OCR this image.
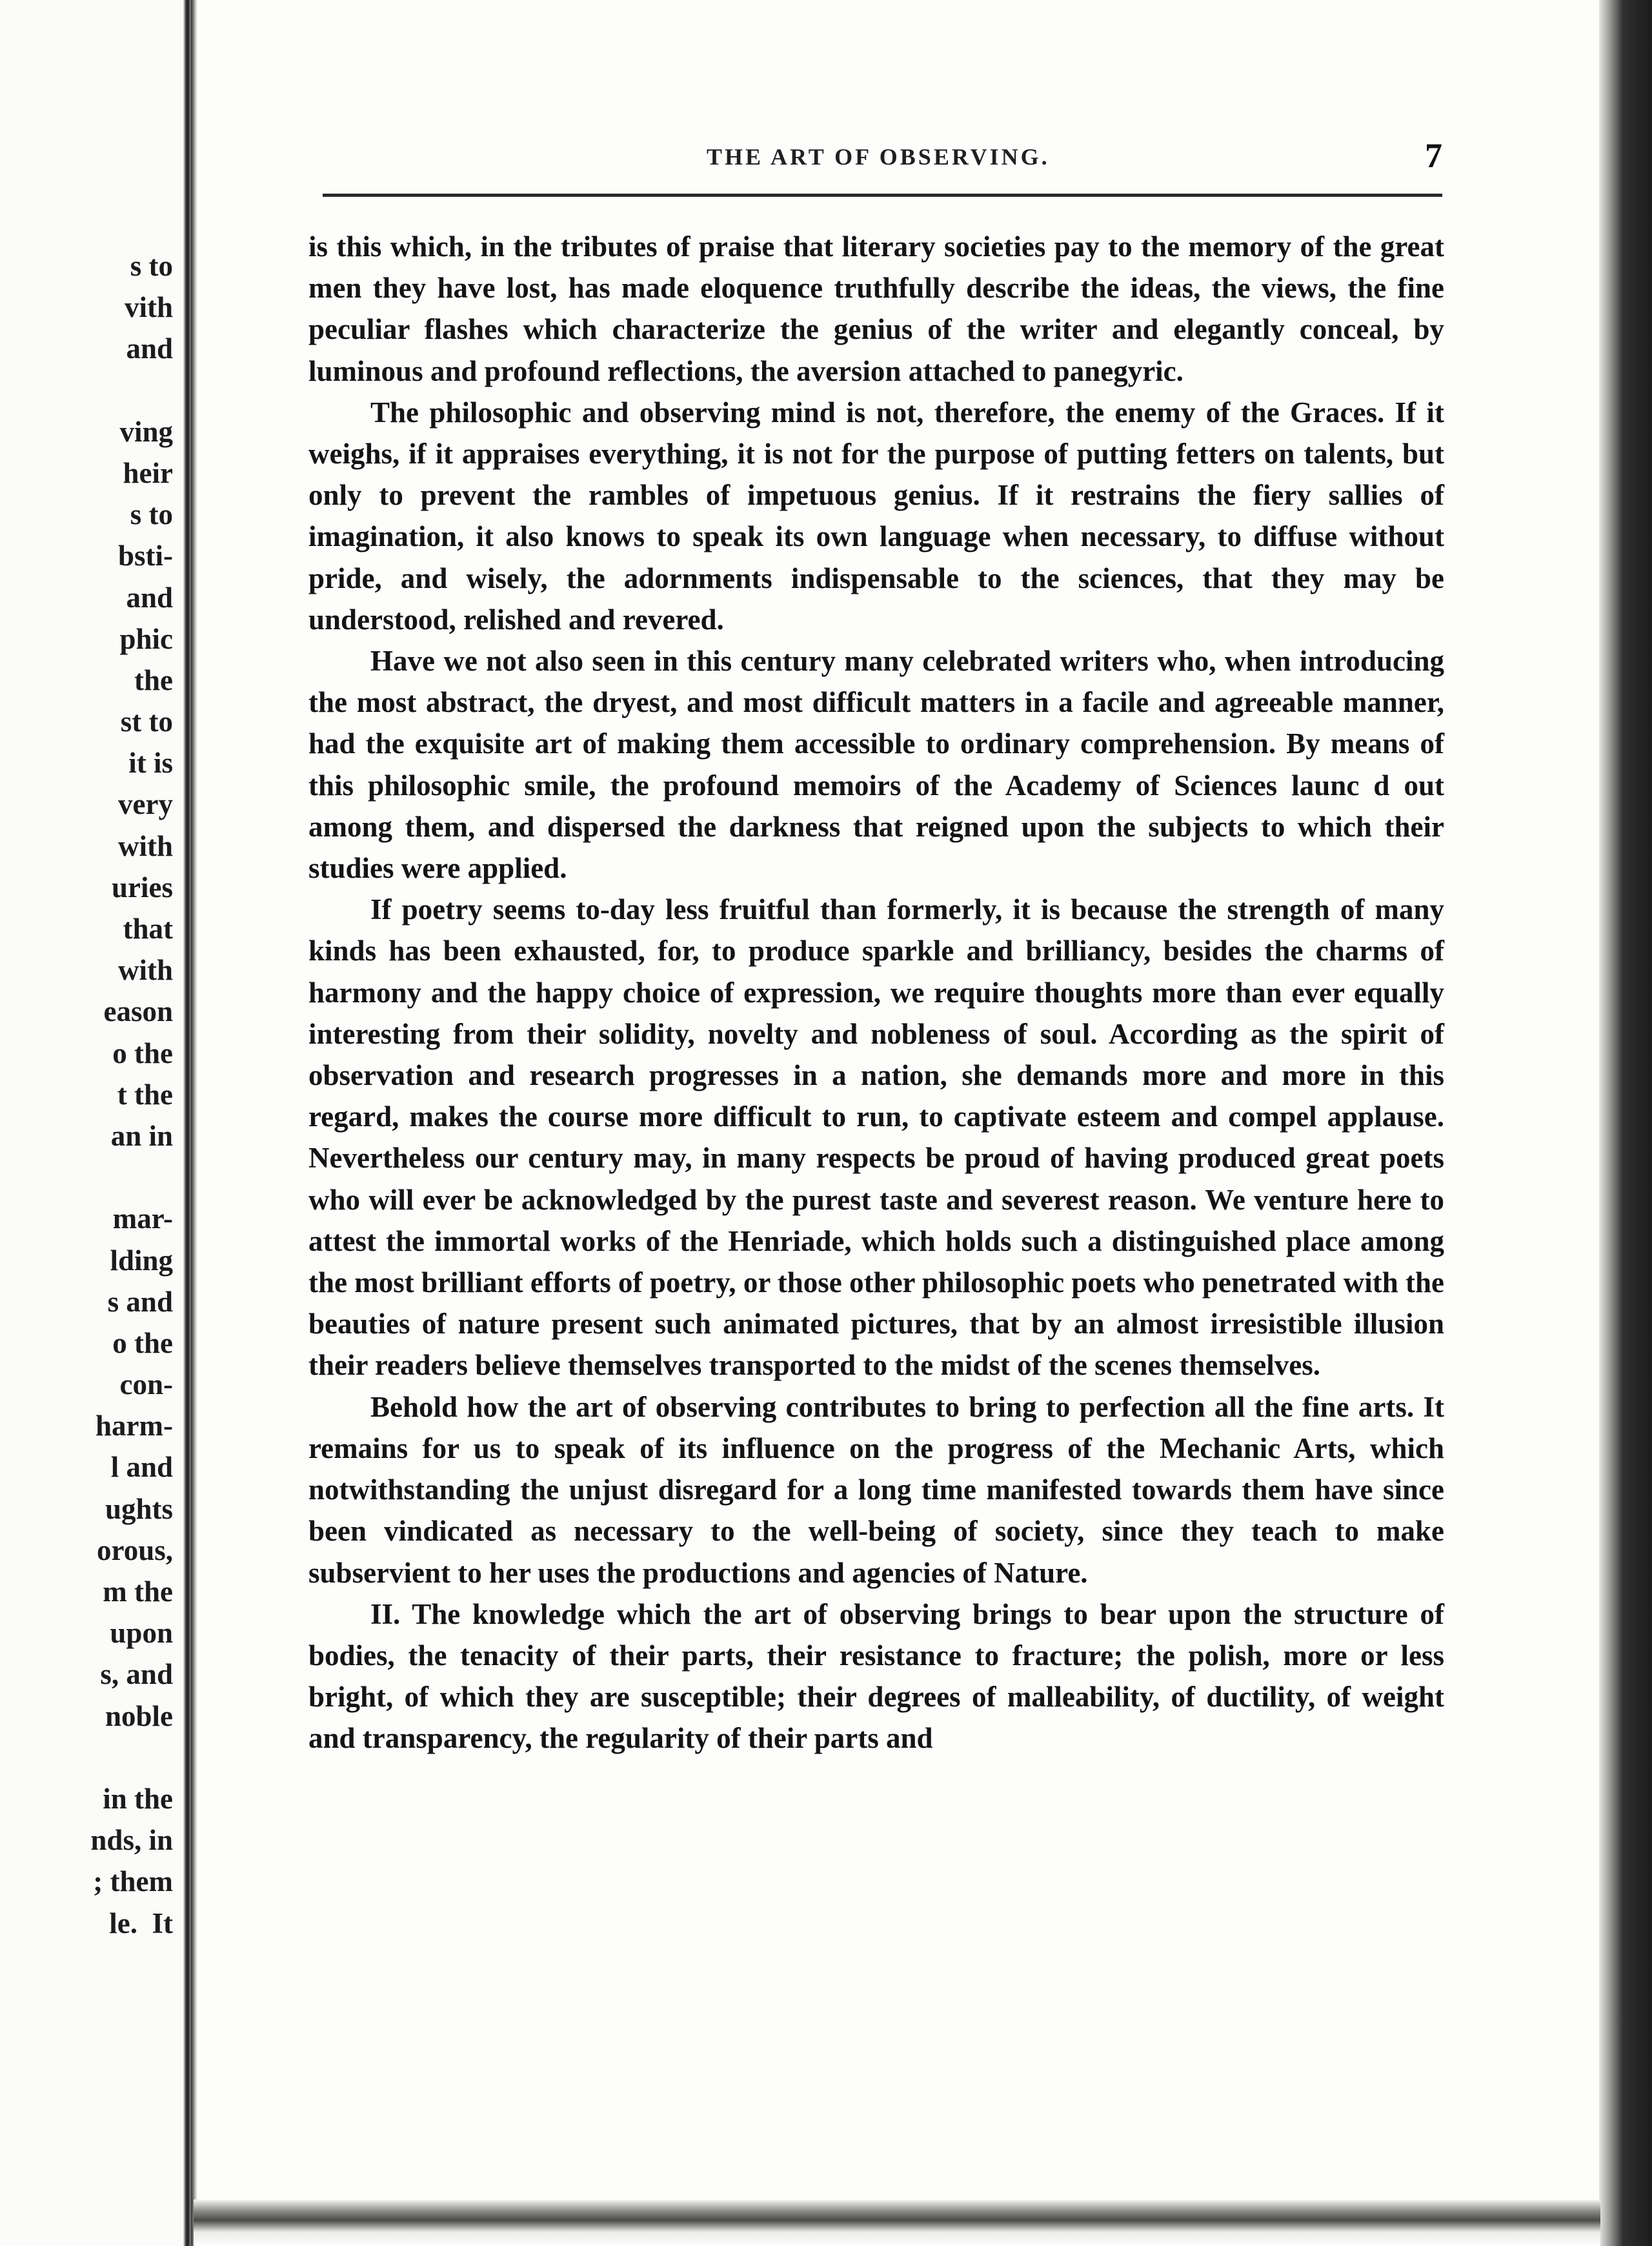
s to
vith
and
ving
heir
s to
bsti-
and
phic
the
st to
it is
very
with
uries
that
with
eason
o the
t the
an in
mar-
lding
s and
o the
con-
harm-
l and
ughts
orous,
m the
upon
s, and
noble
in the
nds, in
; them
le.  It
THE ART OF OBSERVING.	7

is this which, in the tributes of praise that literary societies pay to the memory of the great men they have lost, has made eloquence truthfully describe the ideas, the views, the fine peculiar flashes which characterize the genius of the writer and elegantly conceal, by luminous and profound reflections, the aversion attached to panegyric.

The philosophic and observing mind is not, therefore, the enemy of the Graces. If it weighs, if it appraises everything, it is not for the purpose of putting fetters on talents, but only to prevent the rambles of impetuous genius. If it restrains the fiery sallies of imagination, it also knows to speak its own language when necessary, to diffuse without pride, and wisely, the adornments indispensable to the sciences, that they may be understood, relished and revered.

Have we not also seen in this century many celebrated writers who, when introducing the most abstract, the dryest, and most difficult matters in a facile and agreeable manner, had the exquisite art of making them accessible to ordinary comprehension. By means of this philosophic smile, the profound memoirs of the Academy of Sciences launc d out among them, and dispersed the darkness that reigned upon the subjects to which their studies were applied.

If poetry seems to-day less fruitful than formerly, it is because the strength of many kinds has been exhausted, for, to produce sparkle and brilliancy, besides the charms of harmony and the happy choice of expression, we require thoughts more than ever equally interesting from their solidity, novelty and nobleness of soul. According as the spirit of observation and research progresses in a nation, she demands more and more in this regard, makes the course more difficult to run, to captivate esteem and compel applause. Nevertheless our century may, in many respects be proud of having produced great poets who will ever be acknowledged by the purest taste and severest reason. We venture here to attest the immortal works of the Henriade, which holds such a distinguished place among the most brilliant efforts of poetry, or those other philosophic poets who penetrated with the beauties of nature present such animated pictures, that by an almost irresistible illusion their readers believe themselves transported to the midst of the scenes themselves.

Behold how the art of observing contributes to bring to perfection all the fine arts. It remains for us to speak of its influence on the progress of the Mechanic Arts, which notwithstanding the unjust disregard for a long time manifested towards them have since been vindicated as necessary to the well-being of society, since they teach to make subservient to her uses the productions and agencies of Nature.

II. The knowledge which the art of observing brings to bear upon the structure of bodies, the tenacity of their parts, their resistance to fracture; the polish, more or less bright, of which they are susceptible; their degrees of malleability, of ductility, of weight and transparency, the regularity of their parts and
